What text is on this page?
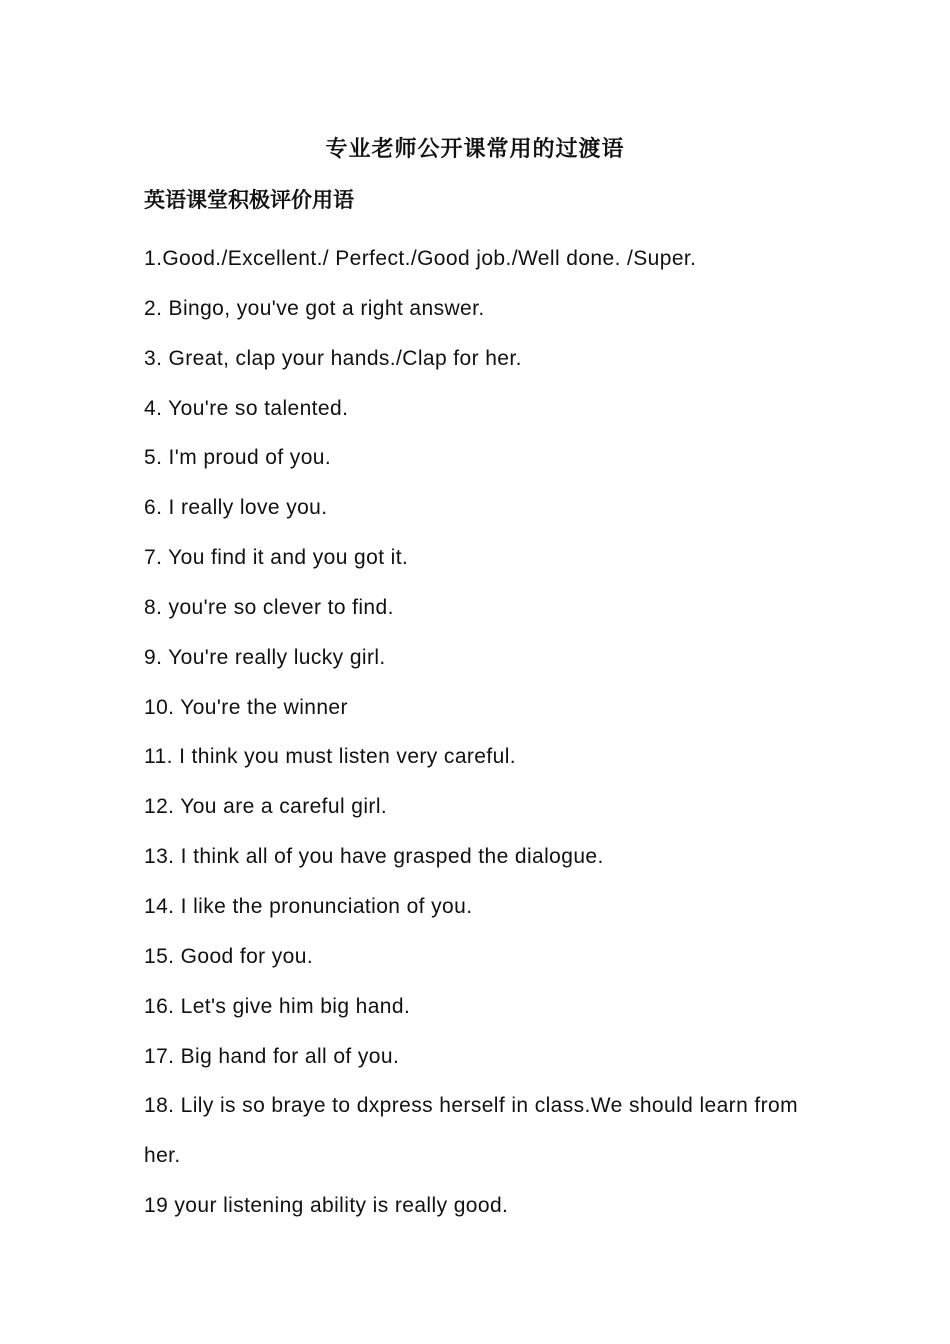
专业老师公开课常用的过渡语
英语课堂积极评价用语
1.Good./Excellent./ Perfect./Good job./Well done. /Super.
2. Bingo, you've got a right answer.
3. Great, clap your hands./Clap for her.
4. You're so talented.
5. I'm proud of you.
6. I really love you.
7. You find it and you got it.
8. you're so clever to find.
9. You're really lucky girl.
10. You're the winner
11. I think you must listen very careful.
12. You are a careful girl.
13. I think all of you have grasped the dialogue.
14. I like the pronunciation of you.
15. Good for you.
16. Let's give him big hand.
17. Big hand for all of you.
18. Lily is so braye to dxpress herself in class.We should learn from her.
19 your listening ability is really good.
